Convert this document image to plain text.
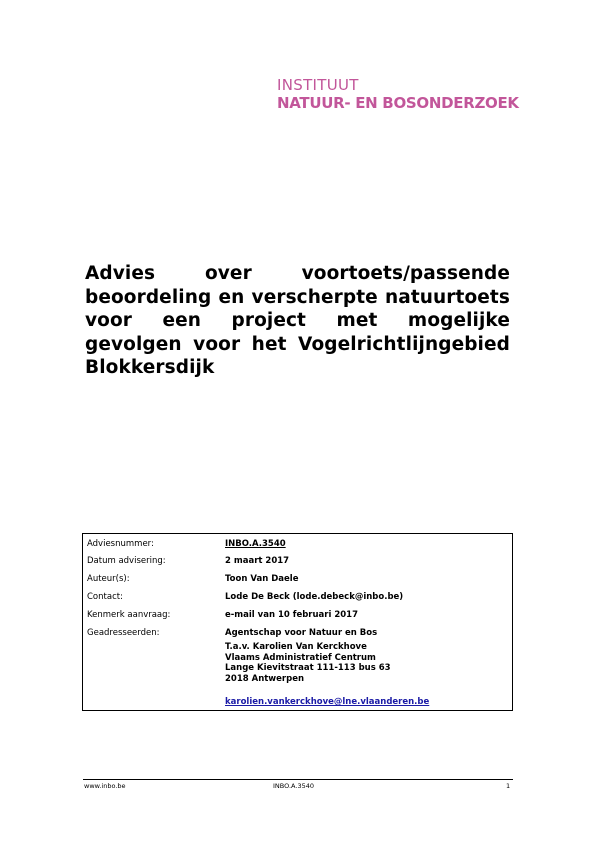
INSTITUUT
NATUUR- EN BOSONDERZOEK
Advies over voortoets/passende beoordeling en verscherpte natuurtoets voor een project met mogelijke gevolgen voor het Vogelrichtlijngebied Blokkersdijk
Adviesnummer:	INBO.A.3540
Datum advisering:	2 maart 2017
Auteur(s):	Toon Van Daele
Contact:	Lode De Beck (lode.debeck@inbo.be)
Kenmerk aanvraag:	e-mail van 10 februari 2017
Geadresseerden:	Agentschap voor Natuur en Bos
T.a.v. Karolien Van Kerckhove
Vlaams Administratief Centrum
Lange Kievitstraat 111-113 bus 63
2018 Antwerpen
karolien.vankerckhove@lne.vlaanderen.be
www.inbo.be	INBO.A.3540	1
